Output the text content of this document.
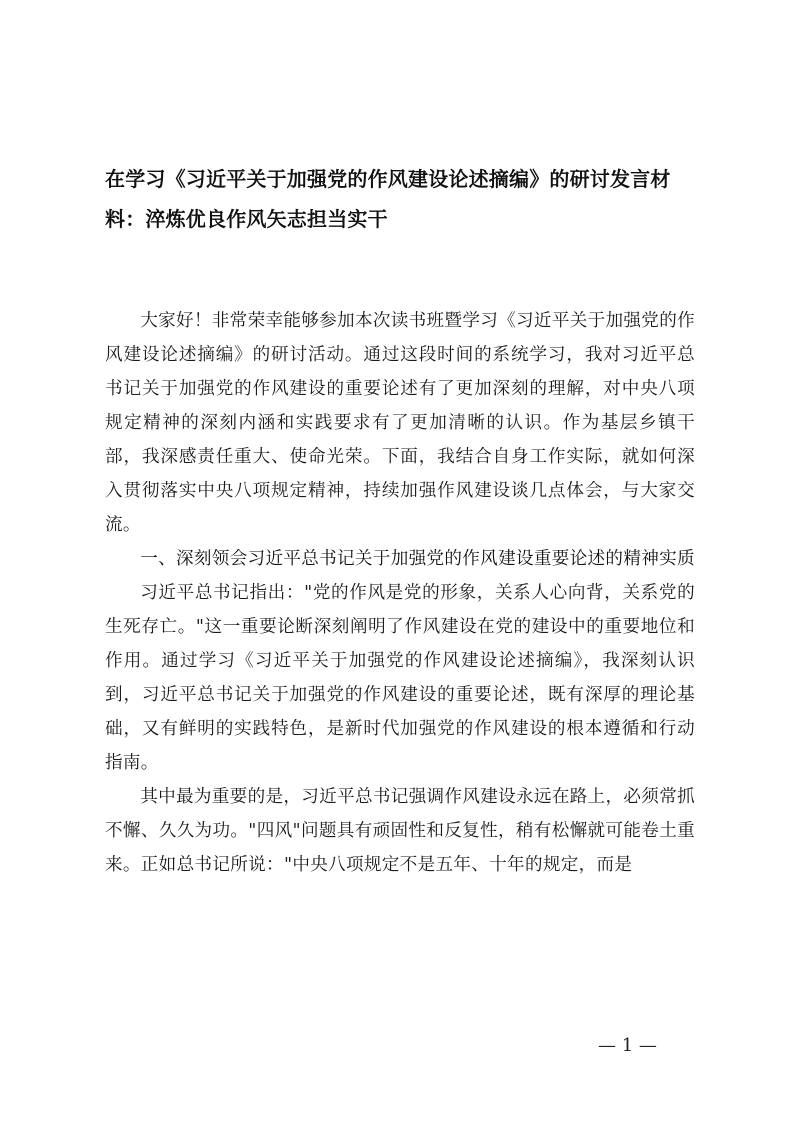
在学习《习近平关于加强党的作风建设论述摘编》的研讨发言材料：淬炼优良作风矢志担当实干

大家好！非常荣幸能够参加本次读书班暨学习《习近平关于加强党的作风建设论述摘编》的研讨活动。通过这段时间的系统学习，我对习近平总书记关于加强党的作风建设的重要论述有了更加深刻的理解，对中央八项规定精神的深刻内涵和实践要求有了更加清晰的认识。作为基层乡镇干部，我深感责任重大、使命光荣。下面，我结合自身工作实际，就如何深入贯彻落实中央八项规定精神，持续加强作风建设谈几点体会，与大家交流。

一、深刻领会习近平总书记关于加强党的作风建设重要论述的精神实质

习近平总书记指出："党的作风是党的形象，关系人心向背，关系党的生死存亡。"这一重要论断深刻阐明了作风建设在党的建设中的重要地位和作用。通过学习《习近平关于加强党的作风建设论述摘编》，我深刻认识到，习近平总书记关于加强党的作风建设的重要论述，既有深厚的理论基础，又有鲜明的实践特色，是新时代加强党的作风建设的根本遵循和行动指南。

其中最为重要的是，习近平总书记强调作风建设永远在路上，必须常抓不懈、久久为功。"四风"问题具有顽固性和反复性，稍有松懈就可能卷土重来。正如总书记所说："中央八项规定不是五年、十年的规定，而是

— 1 —
